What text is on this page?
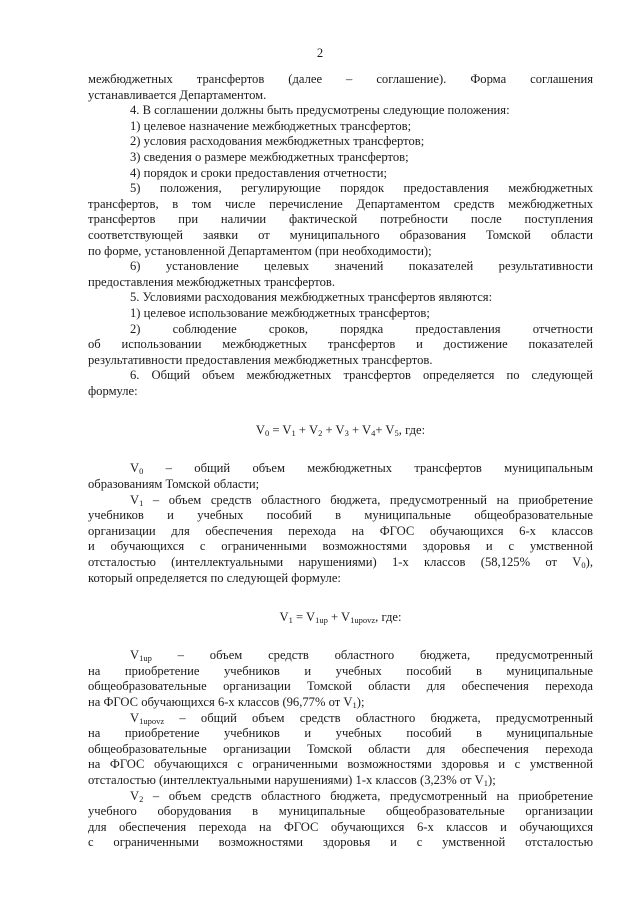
2
межбюджетных трансфертов (далее – соглашение). Форма соглашения
устанавливается Департаментом.
4. В соглашении должны быть предусмотрены следующие положения:
1) целевое назначение межбюджетных трансфертов;
2) условия расходования межбюджетных трансфертов;
3) сведения о размере межбюджетных трансфертов;
4) порядок и сроки предоставления отчетности;
5) положения, регулирующие порядок предоставления межбюджетных
трансфертов, в том числе перечисление Департаментом средств межбюджетных
трансфертов при наличии фактической потребности после поступления
соответствующей заявки от муниципального образования Томской области
по форме, установленной Департаментом (при необходимости);
6) установление целевых значений показателей результативности
предоставления межбюджетных трансфертов.
5. Условиями расходования межбюджетных трансфертов являются:
1) целевое использование межбюджетных трансфертов;
2) соблюдение сроков, порядка предоставления отчетности
об использовании межбюджетных трансфертов и достижение показателей
результативности предоставления межбюджетных трансфертов.
6. Общий объем межбюджетных трансфертов определяется по следующей
формуле:
$V_0 = V_1 + V_2 + V_3 + V_4+ V_5$, где:
$V_0$ – общий объем межбюджетных трансфертов муниципальным
образованиям Томской области;
$V_1$ – объем средств областного бюджета, предусмотренный на приобретение
учебников и учебных пособий в муниципальные общеобразовательные
организации для обеспечения перехода на ФГОС обучающихся 6-х классов
и обучающихся с ограниченными возможностями здоровья и с умственной
отсталостью (интеллектуальными нарушениями) 1-х классов (58,125% от $V_0$),
который определяется по следующей формуле:
$V_1 = V_{1up} + V_{1upovz}$, где:
$V_{1up}$ – объем средств областного бюджета, предусмотренный
на приобретение учебников и учебных пособий в муниципальные
общеобразовательные организации Томской области для обеспечения перехода
на ФГОС обучающихся 6-х классов (96,77% от $V_1$);
$V_{1upovz}$ – общий объем средств областного бюджета, предусмотренный
на приобретение учебников и учебных пособий в муниципальные
общеобразовательные организации Томской области для обеспечения перехода
на ФГОС обучающихся с ограниченными возможностями здоровья и с умственной
отсталостью (интеллектуальными нарушениями) 1-х классов (3,23% от $V_1$);
$V_2$ – объем средств областного бюджета, предусмотренный на приобретение
учебного оборудования в муниципальные общеобразовательные организации
для обеспечения перехода на ФГОС обучающихся 6-х классов и обучающихся
с ограниченными возможностями здоровья и с умственной отсталостью
